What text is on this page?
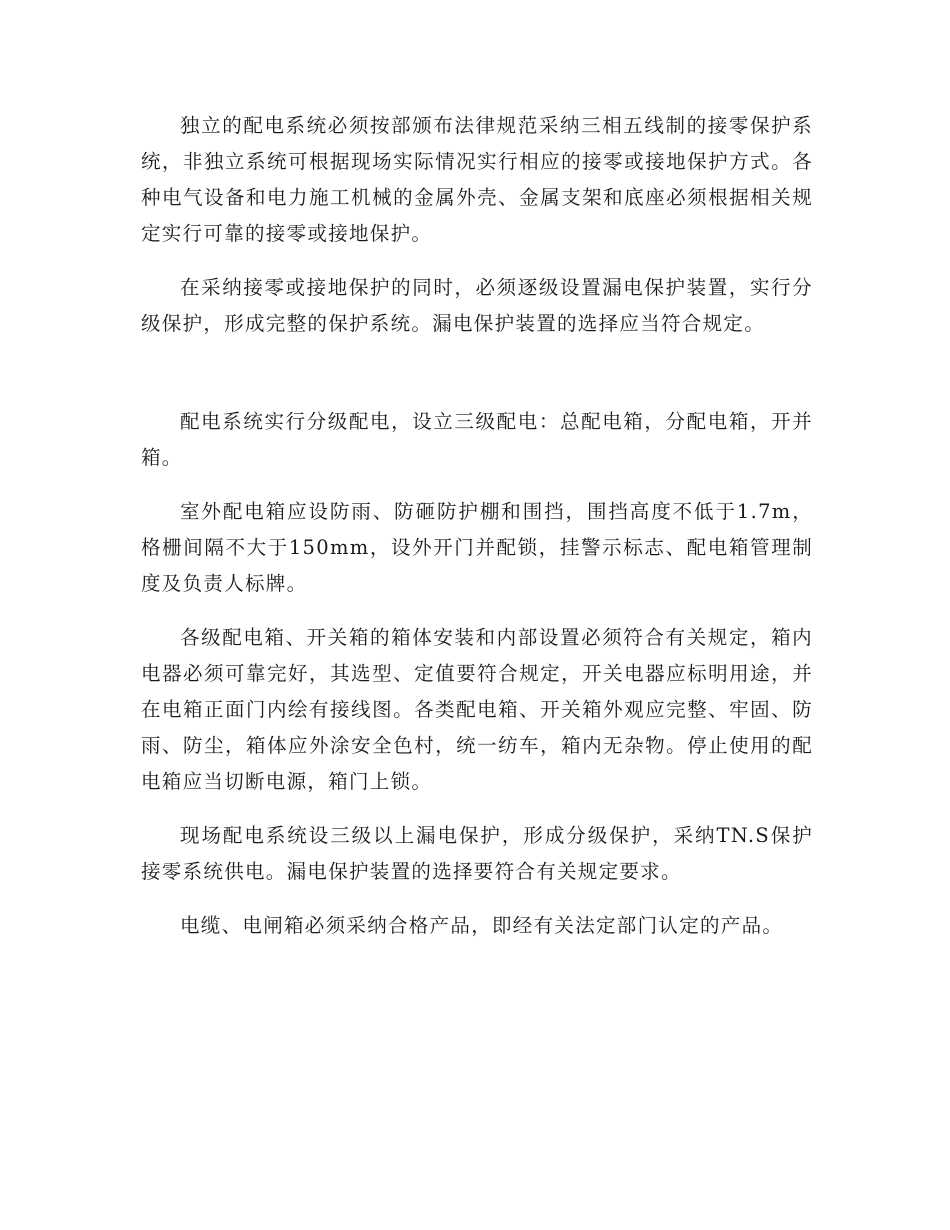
独立的配电系统必须按部颁布法律规范采纳三相五线制的接零保护系统，非独立系统可根据现场实际情况实行相应的接零或接地保护方式。各种电气设备和电力施工机械的金属外壳、金属支架和底座必须根据相关规定实行可靠的接零或接地保护。

在采纳接零或接地保护的同时，必须逐级设置漏电保护装置，实行分级保护，形成完整的保护系统。漏电保护装置的选择应当符合规定。

配电系统实行分级配电，设立三级配电：总配电箱，分配电箱，开并箱。

室外配电箱应设防雨、防砸防护棚和围挡，围挡高度不低于1.7m，格栅间隔不大于150mm，设外开门并配锁，挂警示标志、配电箱管理制度及负责人标牌。

各级配电箱、开关箱的箱体安装和内部设置必须符合有关规定，箱内电器必须可靠完好，其选型、定值要符合规定，开关电器应标明用途，并在电箱正面门内绘有接线图。各类配电箱、开关箱外观应完整、牢固、防雨、防尘，箱体应外涂安全色村，统一纺车，箱内无杂物。停止使用的配电箱应当切断电源，箱门上锁。

现场配电系统设三级以上漏电保护，形成分级保护，采纳TN.S保护接零系统供电。漏电保护装置的选择要符合有关规定要求。

电缆、电闸箱必须采纳合格产品，即经有关法定部门认定的产品。
